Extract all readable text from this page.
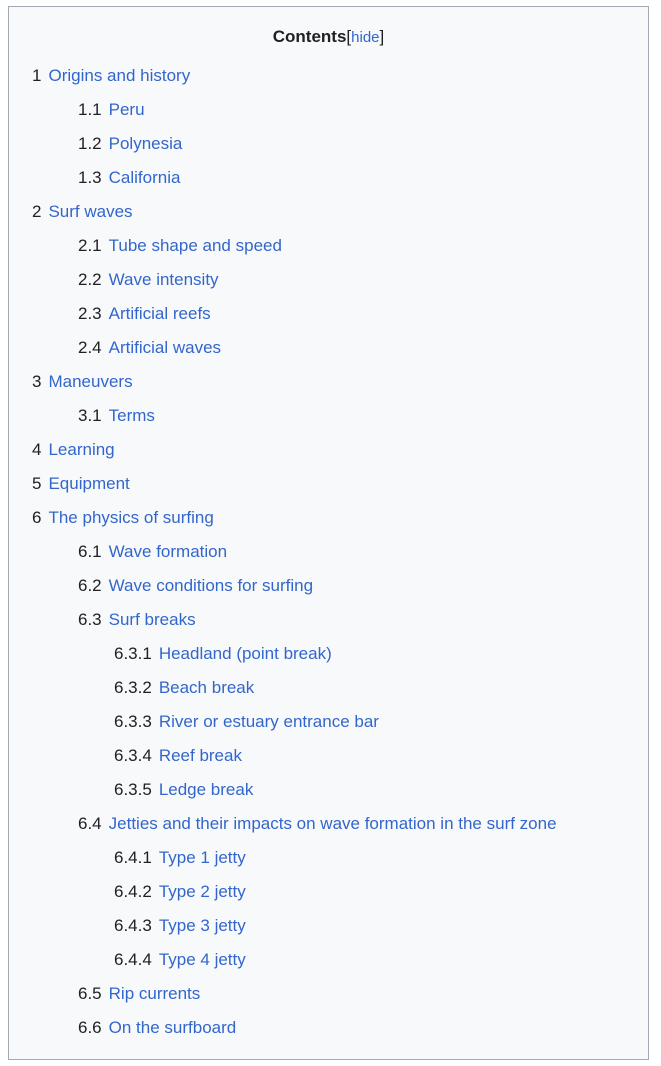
Contents[hide]
1 Origins and history
1.1 Peru
1.2 Polynesia
1.3 California
2 Surf waves
2.1 Tube shape and speed
2.2 Wave intensity
2.3 Artificial reefs
2.4 Artificial waves
3 Maneuvers
3.1 Terms
4 Learning
5 Equipment
6 The physics of surfing
6.1 Wave formation
6.2 Wave conditions for surfing
6.3 Surf breaks
6.3.1 Headland (point break)
6.3.2 Beach break
6.3.3 River or estuary entrance bar
6.3.4 Reef break
6.3.5 Ledge break
6.4 Jetties and their impacts on wave formation in the surf zone
6.4.1 Type 1 jetty
6.4.2 Type 2 jetty
6.4.3 Type 3 jetty
6.4.4 Type 4 jetty
6.5 Rip currents
6.6 On the surfboard
